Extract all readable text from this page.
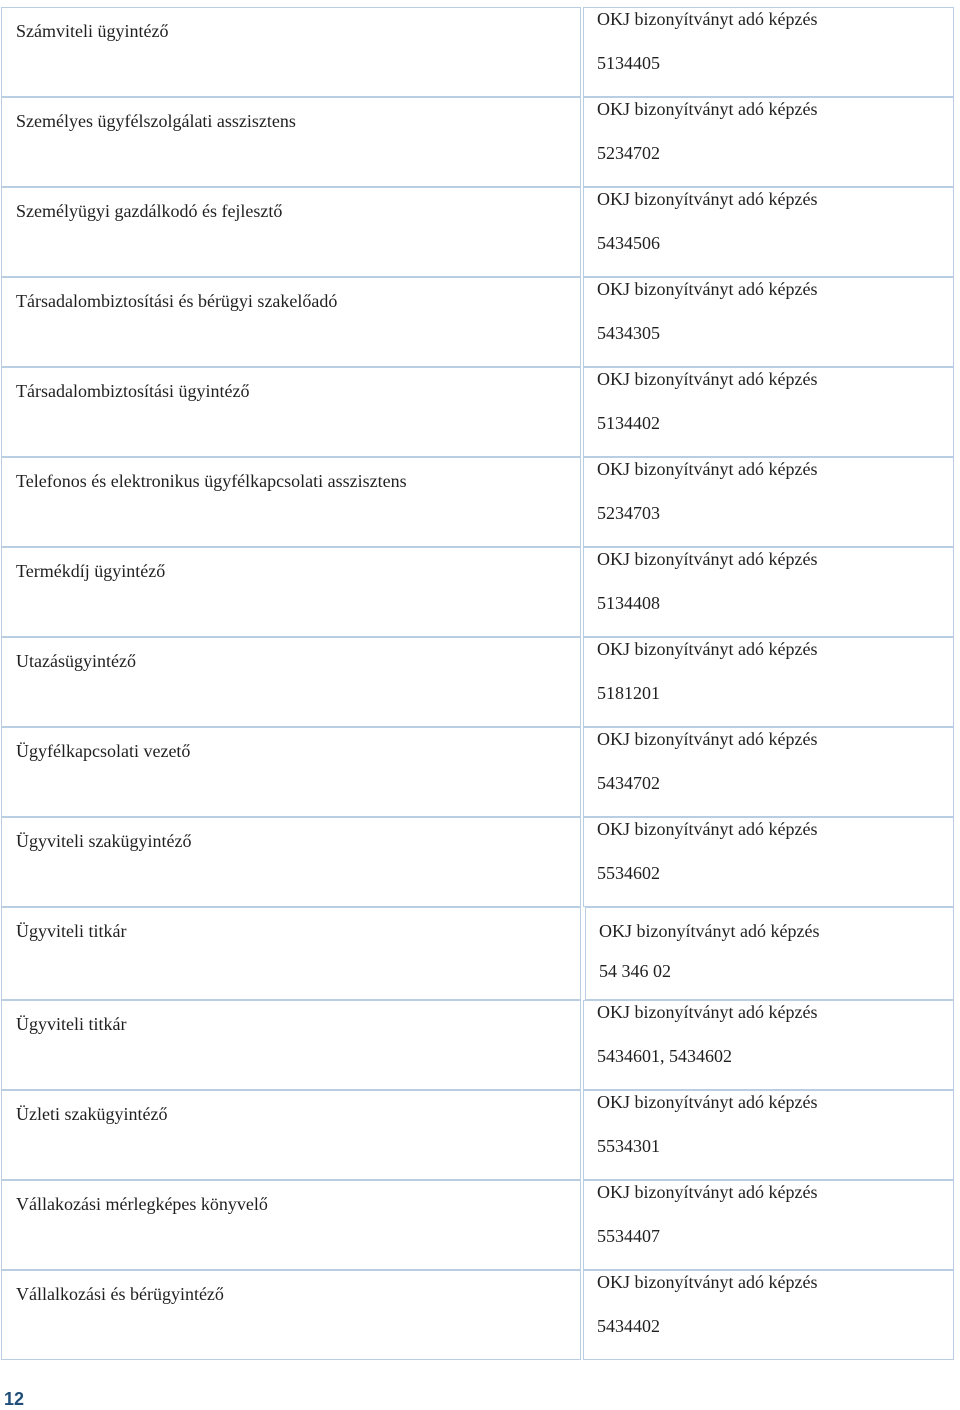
Számviteli ügyintéző
OKJ bizonyítványt adó képzés
5134405
Személyes ügyfélszolgálati asszisztens
OKJ bizonyítványt adó képzés
5234702
Személyügyi gazdálkodó és fejlesztő
OKJ bizonyítványt adó képzés
5434506
Társadalombiztosítási és bérügyi szakelőadó
OKJ bizonyítványt adó képzés
5434305
Társadalombiztosítási ügyintéző
OKJ bizonyítványt adó képzés
5134402
Telefonos és elektronikus ügyfélkapcsolati asszisztens
OKJ bizonyítványt adó képzés
5234703
Termékdíj ügyintéző
OKJ bizonyítványt adó képzés
5134408
Utazásügyintéző
OKJ bizonyítványt adó képzés
5181201
Ügyfélkapcsolati vezető
OKJ bizonyítványt adó képzés
5434702
Ügyviteli szakügyintéző
OKJ bizonyítványt adó képzés
5534602
Ügyviteli titkár	OKJ bizonyítványt adó képzés
54 346 02
Ügyviteli titkár
OKJ bizonyítványt adó képzés
5434601, 5434602
Üzleti szakügyintéző
OKJ bizonyítványt adó képzés
5534301
Vállakozási mérlegképes könyvelő
OKJ bizonyítványt adó képzés
5534407
Vállalkozási és bérügyintéző
OKJ bizonyítványt adó képzés
5434402
12
